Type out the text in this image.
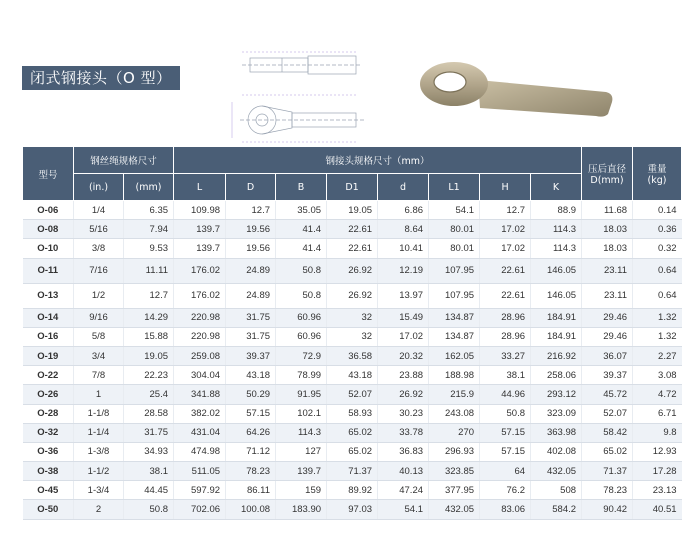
闭式钢接头（O 型）
型号	钢丝绳规格尺寸		钢接头规格尺寸（mm）								压后直径
D(mm)	重量
(kg)
	(in.)	(mm)	L	D	B	D1	d	L1	H	K		
O-06	1/4	6.35	109.98	12.7	35.05	19.05	6.86	54.1	12.7	88.9	11.68	0.14
O-08	5/16	7.94	139.7	19.56	41.4	22.61	8.64	80.01	17.02	114.3	18.03	0.36
O-10	3/8	9.53	139.7	19.56	41.4	22.61	10.41	80.01	17.02	114.3	18.03	0.32
O-11	7/16	11.11	176.02	24.89	50.8	26.92	12.19	107.95	22.61	146.05	23.11	0.64
O-13	1/2	12.7	176.02	24.89	50.8	26.92	13.97	107.95	22.61	146.05	23.11	0.64
O-14	9/16	14.29	220.98	31.75	60.96	32	15.49	134.87	28.96	184.91	29.46	1.32
O-16	5/8	15.88	220.98	31.75	60.96	32	17.02	134.87	28.96	184.91	29.46	1.32
O-19	3/4	19.05	259.08	39.37	72.9	36.58	20.32	162.05	33.27	216.92	36.07	2.27
O-22	7/8	22.23	304.04	43.18	78.99	43.18	23.88	188.98	38.1	258.06	39.37	3.08
O-26	1	25.4	341.88	50.29	91.95	52.07	26.92	215.9	44.96	293.12	45.72	4.72
O-28	1-1/8	28.58	382.02	57.15	102.1	58.93	30.23	243.08	50.8	323.09	52.07	6.71
O-32	1-1/4	31.75	431.04	64.26	114.3	65.02	33.78	270	57.15	363.98	58.42	9.8
O-36	1-3/8	34.93	474.98	71.12	127	65.02	36.83	296.93	57.15	402.08	65.02	12.93
O-38	1-1/2	38.1	511.05	78.23	139.7	71.37	40.13	323.85	64	432.05	71.37	17.28
O-45	1-3/4	44.45	597.92	86.11	159	89.92	47.24	377.95	76.2	508	78.23	23.13
O-50	2	50.8	702.06	100.08	183.90	97.03	54.1	432.05	83.06	584.2	90.42	40.51
